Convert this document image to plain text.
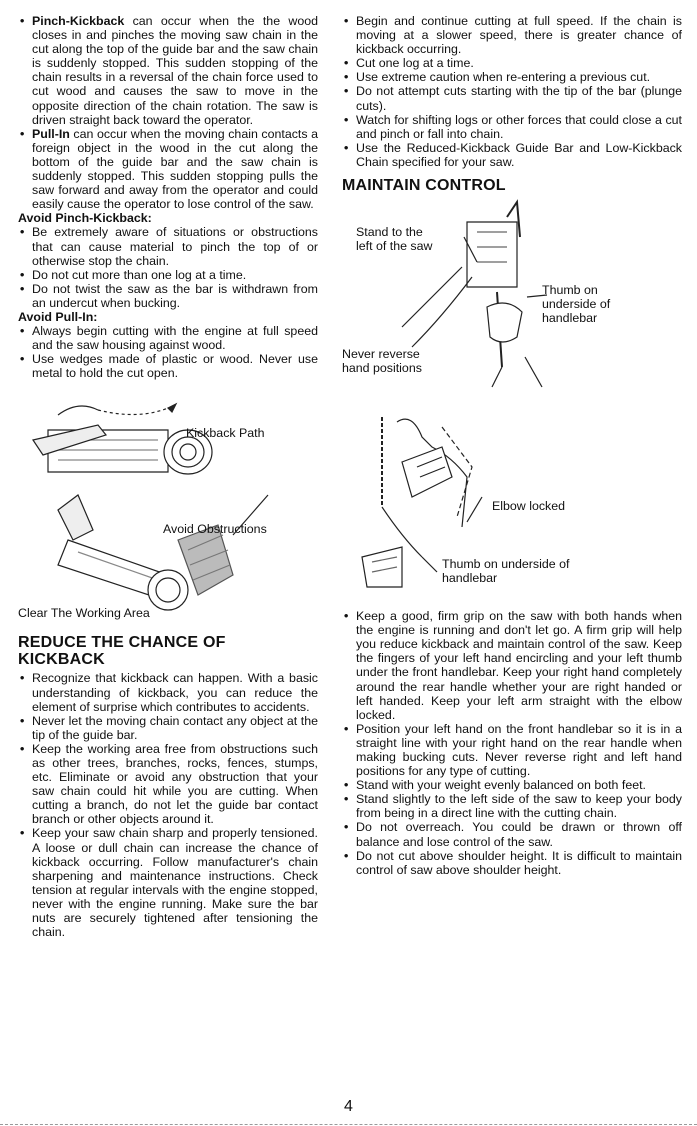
• Pinch-Kickback can occur when the the wood closes in and pinches the moving saw chain in the cut along the top of the guide bar and the saw chain is suddenly stopped. This sudden stopping of the chain results in a reversal of the chain force used to cut wood and causes the saw to move in the opposite direction of the chain rotation. The saw is driven straight back toward the operator.
• Pull-In can occur when the moving chain contacts a foreign object in the wood in the cut along the bottom of the guide bar and the saw chain is suddenly stopped. This sudden stopping pulls the saw forward and away from the operator and could easily cause the operator to lose control of the saw.

Avoid Pinch-Kickback:

• Be extremely aware of situations or obstructions that can cause material to pinch the top of or otherwise stop the chain.
• Do not cut more than one log at a time.
• Do not twist the saw as the bar is withdrawn from an undercut when bucking.

Avoid Pull-In:

• Always begin cutting with the engine at full speed and the saw housing against wood.
• Use wedges made of plastic or wood. Never use metal to hold the cut open.
Kickback Path
Avoid Obstructions
Clear The Working Area
REDUCE THE CHANCE OF
KICKBACK
• Recognize that kickback can happen. With a basic understanding of kickback, you can reduce the element of surprise which contributes to accidents.
• Never let the moving chain contact any object at the tip of the guide bar.
• Keep the working area free from obstructions such as other trees, branches, rocks, fences, stumps, etc. Eliminate or avoid any obstruction that your saw chain could hit while you are cutting. When cutting a branch, do not let the guide bar contact branch or other objects around it.
• Keep your saw chain sharp and properly tensioned. A loose or dull chain can increase the chance of kickback occurring. Follow manufacturer's chain sharpening and maintenance instructions. Check tension at regular intervals with the engine stopped, never with the engine running. Make sure the bar nuts are securely tightened after tensioning the chain.
• Begin and continue cutting at full speed. If the chain is moving at a slower speed, there is greater chance of kickback occurring.
• Cut one log at a time.
• Use extreme caution when re-entering a previous cut.
• Do not attempt cuts starting with the tip of the bar (plunge cuts).
• Watch for shifting logs or other forces that could close a cut and pinch or fall into chain.
• Use the Reduced-Kickback Guide Bar and Low-Kickback Chain specified for your saw.
MAINTAIN CONTROL
Stand to the
left of the saw
Thumb on
underside of
handlebar
Never reverse
hand positions
Elbow locked
Thumb on underside of
handlebar
• Keep a good, firm grip on the saw with both hands when the engine is running and don't let go. A firm grip will help you reduce kickback and maintain control of the saw. Keep the fingers of your left hand encircling and your left thumb under the front handlebar. Keep your right hand completely around the rear handle whether your are right handed or left handed. Keep your left arm straight with the elbow locked.
• Position your left hand on the front handlebar so it is in a straight line with your right hand on the rear handle when making bucking cuts. Never reverse right and left hand positions for any type of cutting.
• Stand with your weight evenly balanced on both feet.
• Stand slightly to the left side of the saw to keep your body from being in a direct line with the cutting chain.
• Do not overreach. You could be drawn or thrown off balance and lose control of the saw.
• Do not cut above shoulder height. It is difficult to maintain control of saw above shoulder height.
4
